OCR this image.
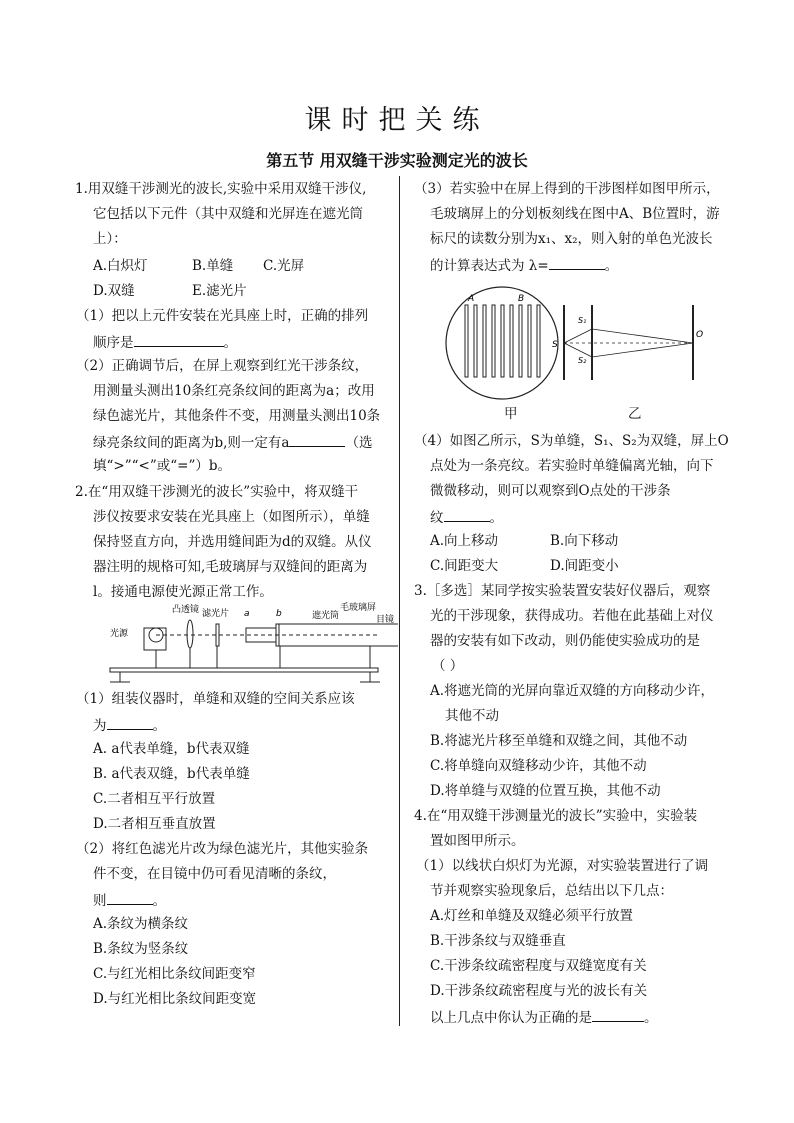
课时把关练
第五节 用双缝干涉实验测定光的波长
1.用双缝干涉测光的波长,实验中采用双缝干涉仪,
它包括以下元件（其中双缝和光屏连在遮光筒
上）：
A.白炽灯	B.单缝 C.光屏
D.双缝	E.滤光片
（1）把以上元件安装在光具座上时，正确的排列
顺序是	。
（2）正确调节后，在屏上观察到红光干涉条纹，
用测量头测出10条红亮条纹间的距离为a；改用
绿色滤光片，其他条件不变，用测量头测出10条
绿亮条纹间的距离为b,则一定有a	（选
填“>”“<”或“=”）b。
2.在“用双缝干涉测光的波长”实验中，将双缝干
涉仪按要求安装在光具座上（如图所示），单缝
保持竖直方向，并选用缝间距为d的双缝。从仪
器注明的规格可知,毛玻璃屏与双缝间的距离为
l。接通电源使光源正常工作。
光源
凸透镜 滤光片 a	b	遮光筒
毛玻璃屏
目镜
（1）组装仪器时，单缝和双缝的空间关系应该
为	。
A. a代表单缝，b代表双缝
B. a代表双缝，b代表单缝
C.二者相互平行放置
D.二者相互垂直放置
（2）将红色滤光片改为绿色滤光片，其他实验条
件不变，在目镜中仍可看见清晰的条纹，
则	。
A.条纹为横条纹
B.条纹为竖条纹
C.与红光相比条纹间距变窄
D.与红光相比条纹间距变宽
（3）若实验中在屏上得到的干涉图样如图甲所示，
毛玻璃屏上的分划板刻线在图中A、B位置时，游
标尺的读数分别为x₁、x₂，则入射的单色光波长
的计算表达式为 λ=	。
A	B
S
S₁
S₂
O
甲	乙
（4）如图乙所示，S为单缝，S₁、S₂为双缝，屏上O
点处为一条亮纹。若实验时单缝偏离光轴，向下
微微移动，则可以观察到O点处的干涉条
纹	。
A.向上移动	B.向下移动
C.间距变大	D.间距变小
3.［多选］某同学按实验装置安装好仪器后，观察
光的干涉现象，获得成功。若他在此基础上对仪
器的安装有如下改动，则仍能使实验成功的是
（ ）
A.将遮光筒的光屏向靠近双缝的方向移动少许，
其他不动
B.将滤光片移至单缝和双缝之间，其他不动
C.将单缝向双缝移动少许，其他不动
D.将单缝与双缝的位置互换，其他不动
4.在“用双缝干涉测量光的波长”实验中，实验装
置如图甲所示。
（1）以线状白炽灯为光源，对实验装置进行了调
节并观察实验现象后，总结出以下几点：
A.灯丝和单缝及双缝必须平行放置
B.干涉条纹与双缝垂直
C.干涉条纹疏密程度与双缝宽度有关
D.干涉条纹疏密程度与光的波长有关
以上几点中你认为正确的是	。
